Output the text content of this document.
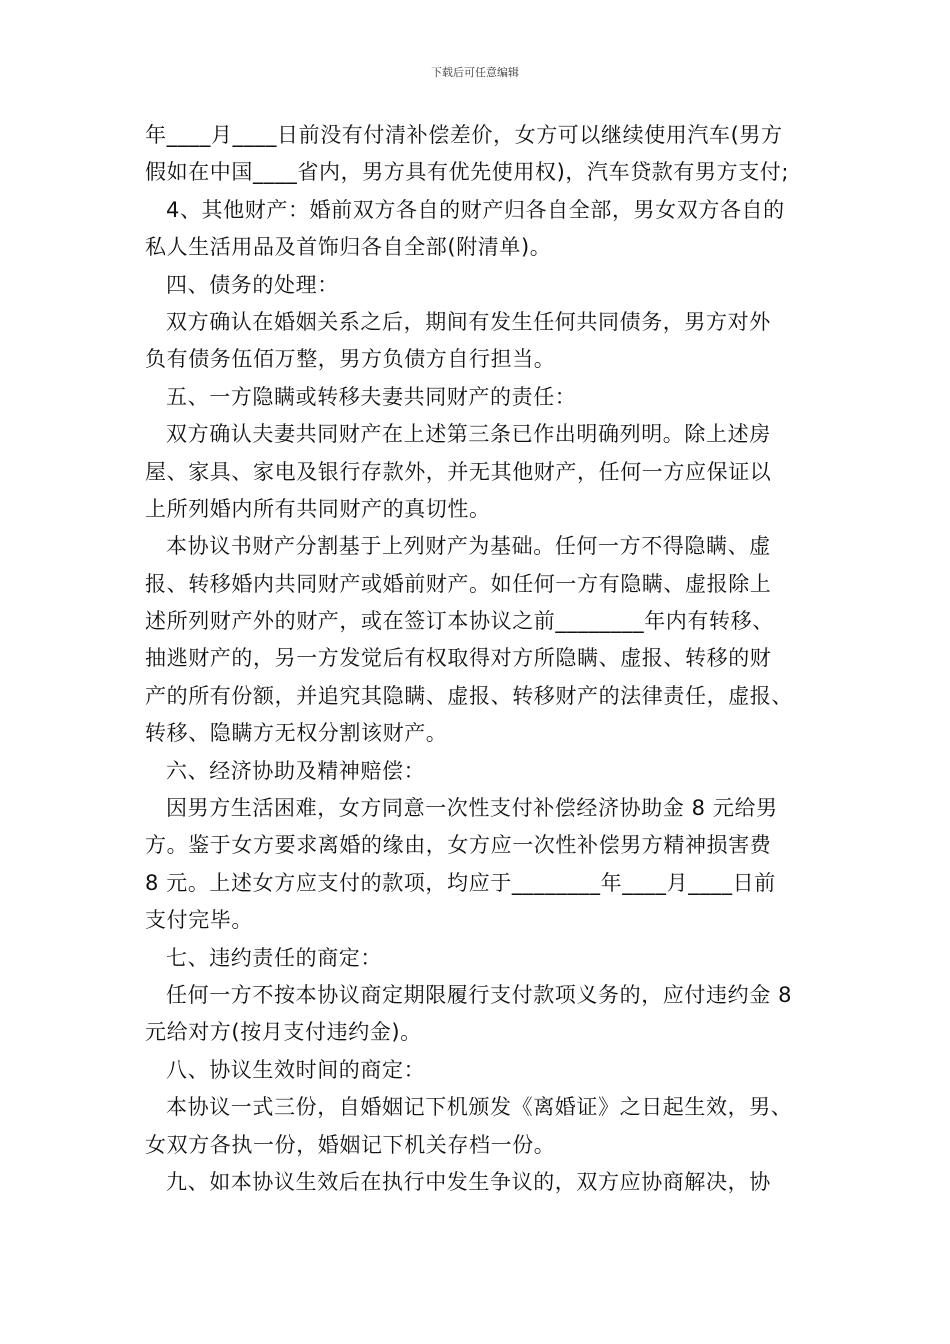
下载后可任意编辑
年____月____日前没有付清补偿差价，女方可以继续使用汽车(男方
假如在中国____省内，男方具有优先使用权)，汽车贷款有男方支付;
4、其他财产：婚前双方各自的财产归各自全部，男女双方各自的
私人生活用品及首饰归各自全部(附清单)。
四、债务的处理：
双方确认在婚姻关系之后，期间有发生任何共同债务，男方对外
负有债务伍佰万整，男方负债方自行担当。
五、一方隐瞒或转移夫妻共同财产的责任：
双方确认夫妻共同财产在上述第三条已作出明确列明。除上述房
屋、家具、家电及银行存款外，并无其他财产，任何一方应保证以
上所列婚内所有共同财产的真切性。
本协议书财产分割基于上列财产为基础。任何一方不得隐瞒、虚
报、转移婚内共同财产或婚前财产。如任何一方有隐瞒、虚报除上
述所列财产外的财产，或在签订本协议之前________年内有转移、
抽逃财产的，另一方发觉后有权取得对方所隐瞒、虚报、转移的财
产的所有份额，并追究其隐瞒、虚报、转移财产的法律责任，虚报、
转移、隐瞒方无权分割该财产。
六、经济协助及精神赔偿：
因男方生活困难，女方同意一次性支付补偿经济协助金 8 元给男
方。鉴于女方要求离婚的缘由，女方应一次性补偿男方精神损害费
8 元。上述女方应支付的款项，均应于________年____月____日前
支付完毕。
七、违约责任的商定：
任何一方不按本协议商定期限履行支付款项义务的，应付违约金 8
元给对方(按月支付违约金)。
八、协议生效时间的商定：
本协议一式三份，自婚姻记下机颁发《离婚证》之日起生效，男、
女双方各执一份，婚姻记下机关存档一份。
九、如本协议生效后在执行中发生争议的，双方应协商解决，协
